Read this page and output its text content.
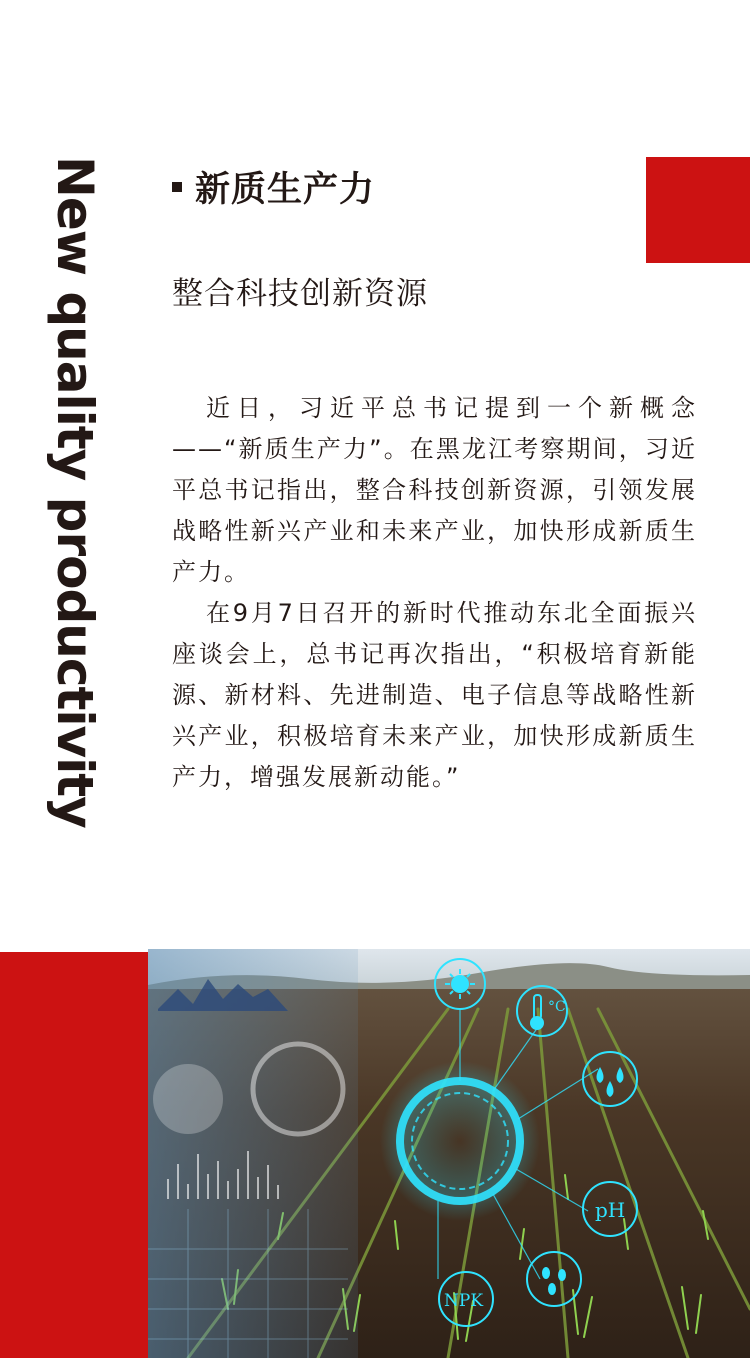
New quality productivity	新质生产力
整合科技创新资源

近日，习近平总书记提到一个新概念——“新质生产力”。在黑龙江考察期间，习近平总书记指出，整合科技创新资源，引领发展战略性新兴产业和未来产业，加快形成新质生产力。

在9月7日召开的新时代推动东北全面振兴座谈会上，总书记再次指出，“积极培育新能源、新材料、先进制造、电子信息等战略性新兴产业，积极培育未来产业，加快形成新质生产力，增强发展新动能。”

°C
pH
NPK
